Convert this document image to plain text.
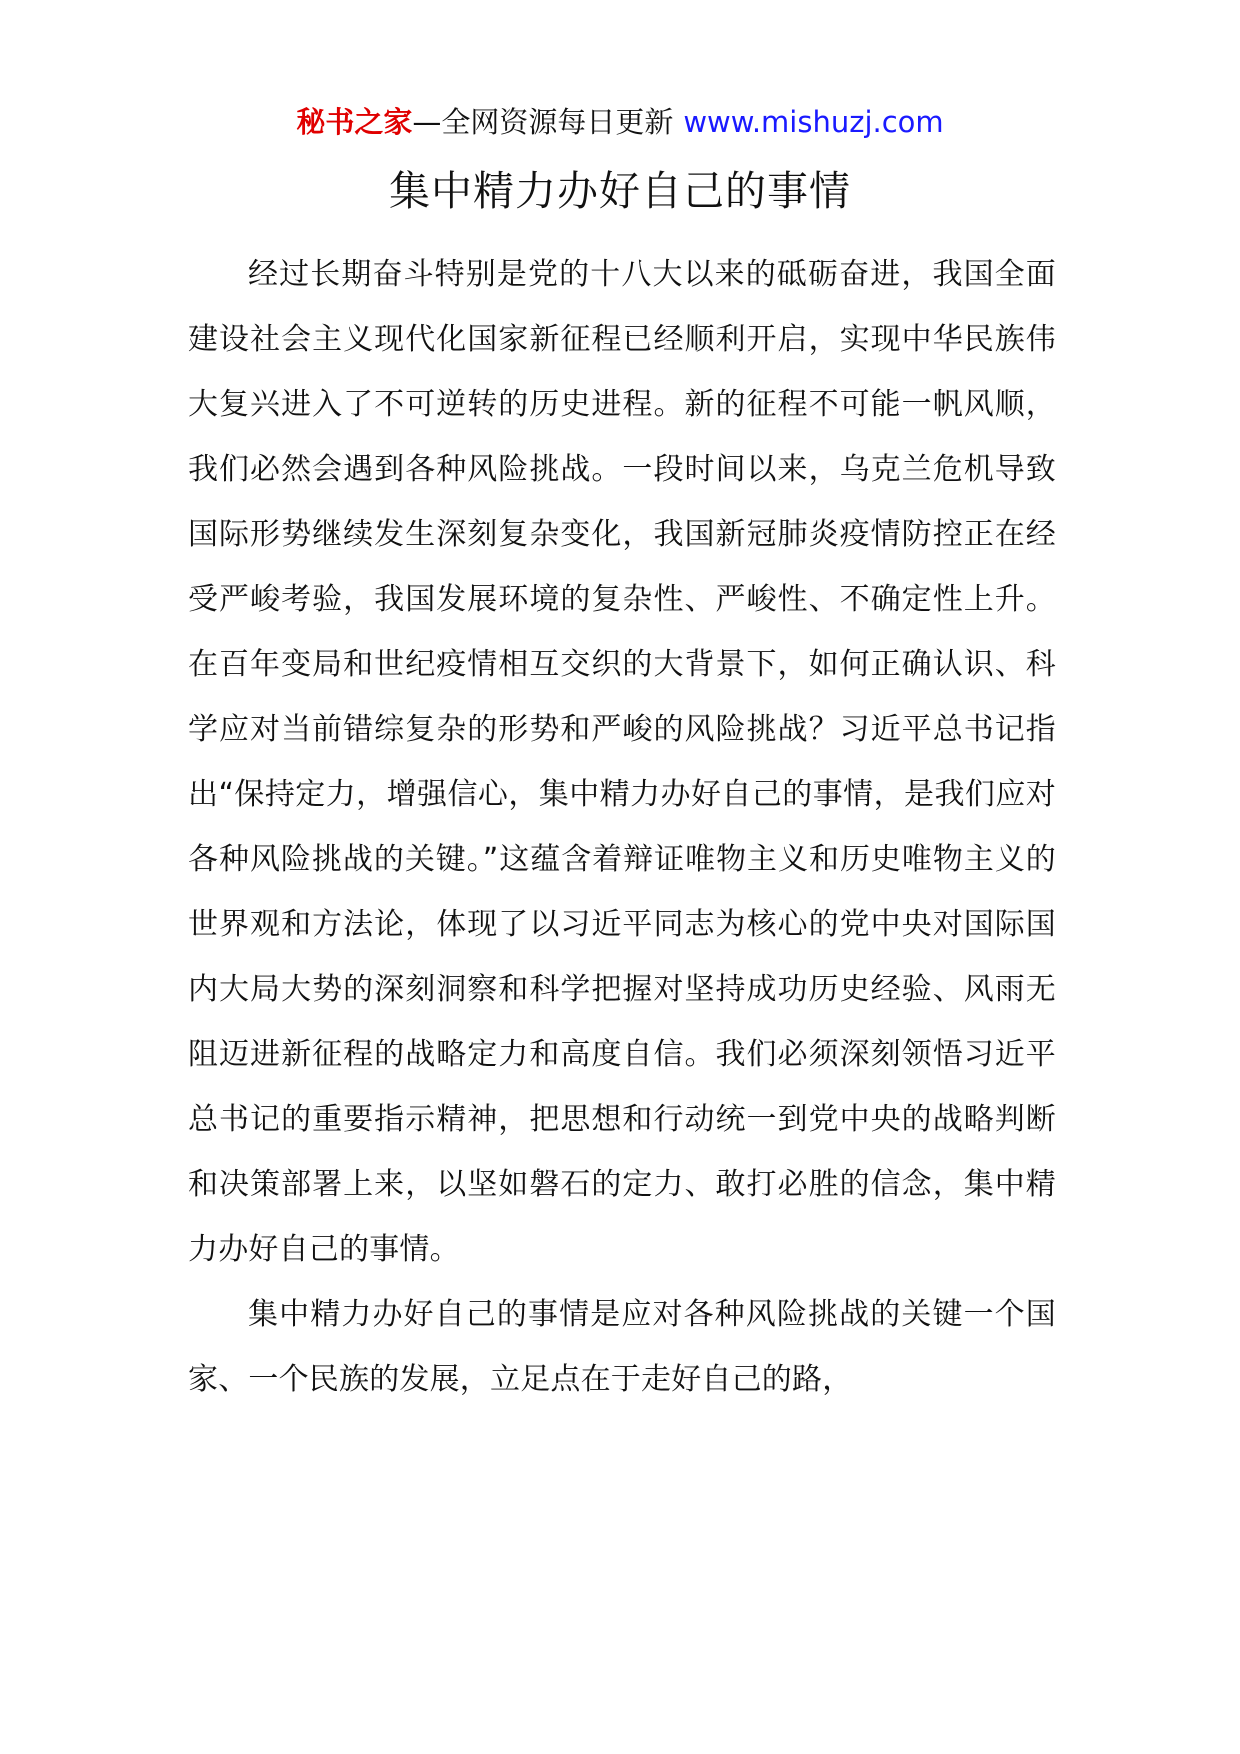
秘书之家—全网资源每日更新 www.mishuzj.com
集中精力办好自己的事情

经过长期奋斗特别是党的十八大以来的砥砺奋进，我国全面建设社会主义现代化国家新征程已经顺利开启，实现中华民族伟大复兴进入了不可逆转的历史进程。新的征程不可能一帆风顺，我们必然会遇到各种风险挑战。一段时间以来，乌克兰危机导致国际形势继续发生深刻复杂变化，我国新冠肺炎疫情防控正在经受严峻考验，我国发展环境的复杂性、严峻性、不确定性上升。在百年变局和世纪疫情相互交织的大背景下，如何正确认识、科学应对当前错综复杂的形势和严峻的风险挑战？习近平总书记指出“保持定力，增强信心，集中精力办好自己的事情，是我们应对各种风险挑战的关键。”这蕴含着辩证唯物主义和历史唯物主义的世界观和方法论，体现了以习近平同志为核心的党中央对国际国内大局大势的深刻洞察和科学把握对坚持成功历史经验、风雨无阻迈进新征程的战略定力和高度自信。我们必须深刻领悟习近平总书记的重要指示精神，把思想和行动统一到党中央的战略判断和决策部署上来，以坚如磐石的定力、敢打必胜的信念，集中精力办好自己的事情。

集中精力办好自己的事情是应对各种风险挑战的关键一个国家、一个民族的发展，立足点在于走好自己的路，
